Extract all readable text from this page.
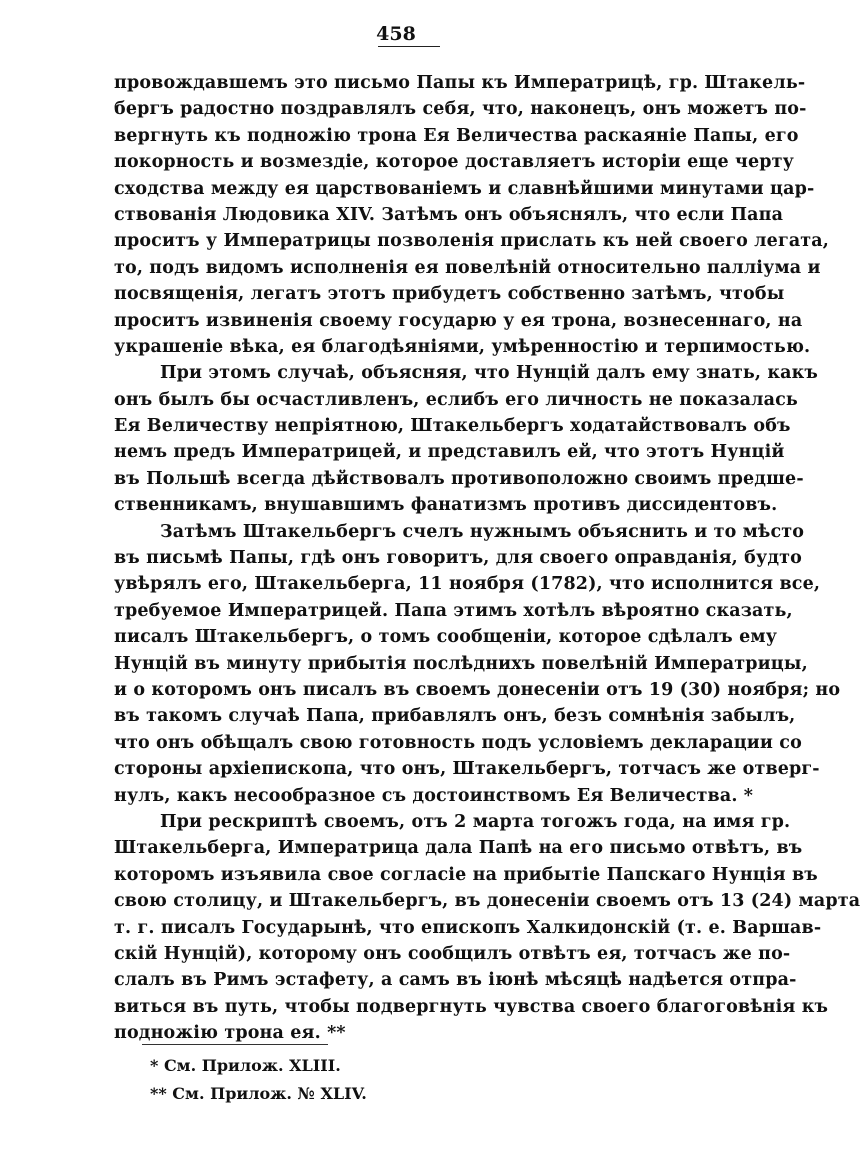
458
провождавшемъ это письмо Папы къ Императрицѣ, гр. Штакель-
бергъ радостно поздравлялъ себя, что, наконецъ, онъ можетъ по-
вергнуть къ подножію трона Ея Величества раскаяніе Папы, его
покорность и возмездіе, которое доставляетъ исторіи еще черту
сходства между ея царствованіемъ и славнѣйшими минутами цар-
ствованія Людовика XIV. Затѣмъ онъ объяснялъ, что если Папа
проситъ у Императрицы позволенія прислать къ ней своего легата,
то, подъ видомъ исполненія ея повелѣній относительно палліума и
посвященія, легатъ этотъ прибудетъ собственно затѣмъ, чтобы
проситъ извиненія своему государю у ея трона, вознесеннаго, на
украшеніе вѣка, ея благодѣяніями, умѣренностію и терпимостью.
При этомъ случаѣ, объясняя, что Нунцій далъ ему знать, какъ
онъ былъ бы осчастливленъ, еслибъ его личность не показалась
Ея Величеству непріятною, Штакельбергъ ходатайствовалъ объ
немъ предъ Императрицей, и представилъ ей, что этотъ Нунцій
въ Польшѣ всегда дѣйствовалъ противоположно своимъ предше-
ственникамъ, внушавшимъ фанатизмъ противъ диссидентовъ.
Затѣмъ Штакельбергъ счелъ нужнымъ объяснить и то мѣсто
въ письмѣ Папы, гдѣ онъ говоритъ, для своего оправданія, будто
увѣрялъ его, Штакельберга, 11 ноября (1782), что исполнится все,
требуемое Императрицей. Папа этимъ хотѣлъ вѣроятно сказать,
писалъ Штакельбергъ, о томъ сообщеніи, которое сдѣлалъ ему
Нунцій въ минуту прибытія послѣднихъ повелѣній Императрицы,
и о которомъ онъ писалъ въ своемъ донесеніи отъ 19 (30) ноября; но
въ такомъ случаѣ Папа, прибавлялъ онъ, безъ сомнѣнія забылъ,
что онъ обѣщалъ свою готовность подъ условіемъ декларации со
стороны архіепископа, что онъ, Штакельбергъ, тотчасъ же отверг-
нулъ, какъ несообразное съ достоинствомъ Ея Величества. *
При рескриптѣ своемъ, отъ 2 марта тогожъ года, на имя гр.
Штакельберга, Императрица дала Папѣ на его письмо отвѣтъ, въ
которомъ изъявила свое согласіе на прибытіе Папскаго Нунція въ
свою столицу, и Штакельбергъ, въ донесеніи своемъ отъ 13 (24) марта
т. г. писалъ Государынѣ, что епископъ Халкидонскій (т. е. Варшав-
скій Нунцій), которому онъ сообщилъ отвѣтъ ея, тотчасъ же по-
слалъ въ Римъ эстафету, а самъ въ іюнѣ мѣсяцѣ надѣется отпра-
виться въ путь, чтобы подвергнуть чувства своего благоговѣнія къ
подножію трона ея. **
* См. Прилож. XLIII.
** См. Прилож. № XLIV.
